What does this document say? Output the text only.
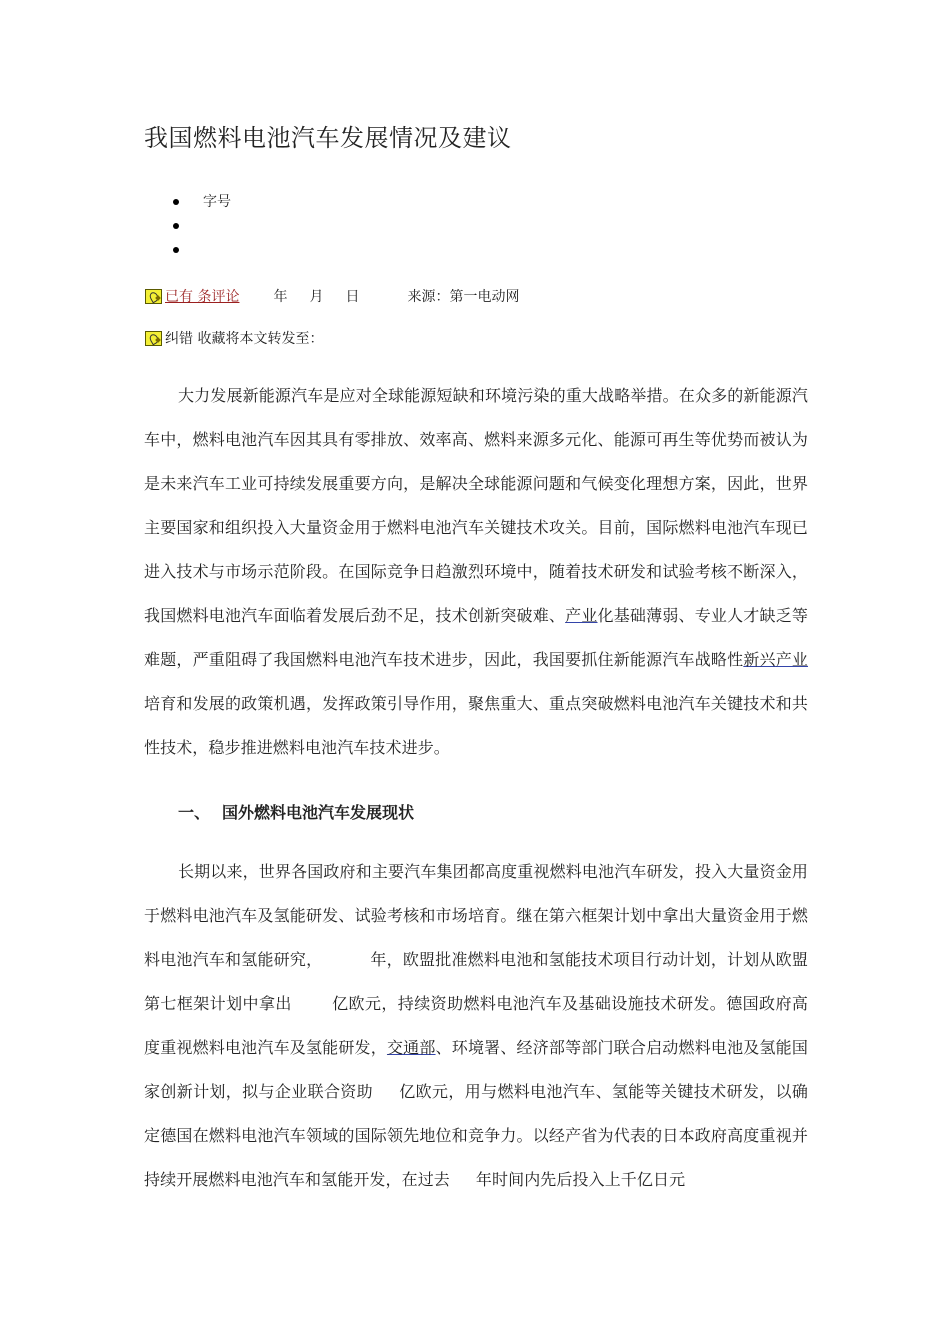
我国燃料电池汽车发展情况及建议
字号
已有 条评论 年 月 日	来源：第一电动网
纠错 收藏将本文转发至：

大力发展新能源汽车是应对全球能源短缺和环境污染的重大战略举措。在众多的新能源汽车中，燃料电池汽车因其具有零排放、效率高、燃料来源多元化、能源可再生等优势而被认为是未来汽车工业可持续发展重要方向，是解决全球能源问题和气候变化理想方案，因此，世界主要国家和组织投入大量资金用于燃料电池汽车关键技术攻关。目前，国际燃料电池汽车现已进入技术与市场示范阶段。在国际竞争日趋激烈环境中，随着技术研发和试验考核不断深入，我国燃料电池汽车面临着发展后劲不足，技术创新突破难、产业化基础薄弱、专业人才缺乏等难题，严重阻碍了我国燃料电池汽车技术进步，因此，我国要抓住新能源汽车战略性新兴产业培育和发展的政策机遇，发挥政策引导作用，聚焦重大、重点突破燃料电池汽车关键技术和共性技术，稳步推进燃料电池汽车技术进步。

一、 国外燃料电池汽车发展现状

长期以来，世界各国政府和主要汽车集团都高度重视燃料电池汽车研发，投入大量资金用于燃料电池汽车及氢能研发、试验考核和市场培育。继在第六框架计划中拿出大量资金用于燃料电池汽车和氢能研究，	年，欧盟批准燃料电池和氢能技术项目行动计划，计划从欧盟第七框架计划中拿出	亿欧元，持续资助燃料电池汽车及基础设施技术研发。德国政府高度重视燃料电池汽车及氢能研发，交通部、环境署、经济部等部门联合启动燃料电池及氢能国家创新计划，拟与企业联合资助 亿欧元，用与燃料电池汽车、氢能等关键技术研发，以确定德国在燃料电池汽车领域的国际领先地位和竞争力。以经产省为代表的日本政府高度重视并持续开展燃料电池汽车和氢能开发，在过去 年时间内先后投入上千亿日元
